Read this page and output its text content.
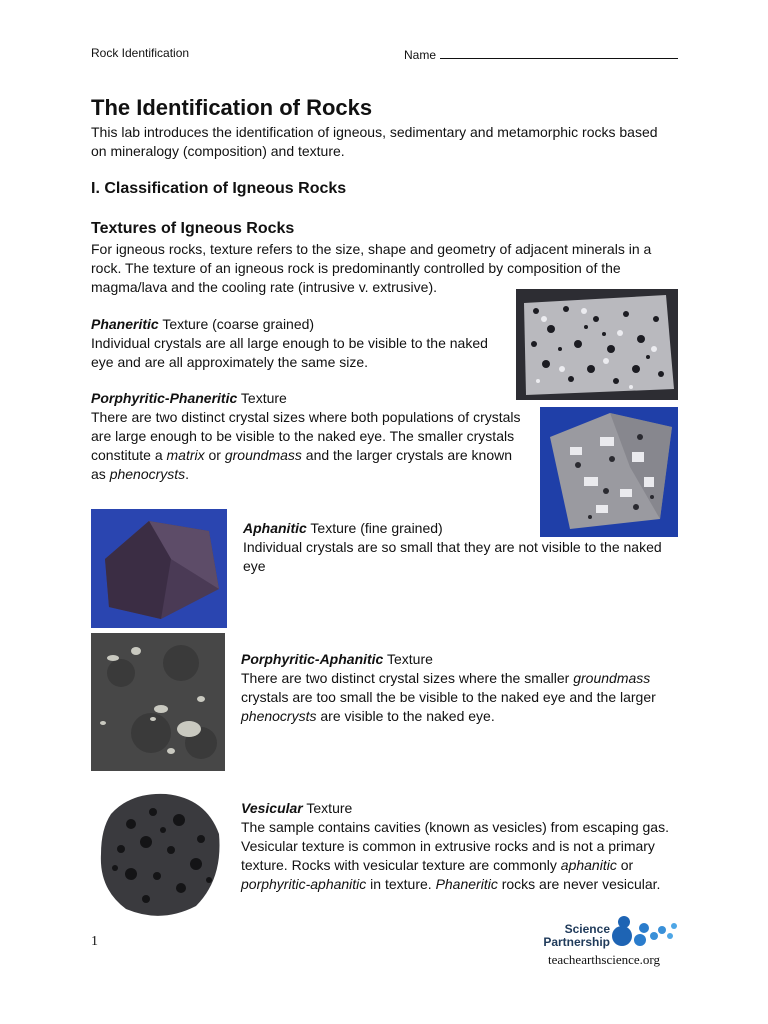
Rock Identification	Name
The Identification of Rocks

This lab introduces the identification of igneous, sedimentary and metamorphic rocks based on mineralogy (composition) and texture.

I. Classification of Igneous Rocks
Textures of Igneous Rocks

For igneous rocks, texture refers to the size, shape and geometry of adjacent minerals in a rock. The texture of an igneous rock is predominantly controlled by composition of the magma/lava and the cooling rate (intrusive v. extrusive).

Phaneritic Texture (coarse grained)

Individual crystals are all large enough to be visible to the naked eye and are all approximately the same size.

Porphyritic-Phaneritic Texture

There are two distinct crystal sizes where both populations of crystals are large enough to be visible to the naked eye. The smaller crystals constitute a matrix or groundmass and the larger crystals are known as phenocrysts.

Aphanitic Texture (fine grained)

Individual crystals are so small that they are not visible to the naked eye

Porphyritic-Aphanitic Texture

There are two distinct crystal sizes where the smaller groundmass crystals are too small the be visible to the naked eye and the larger phenocrysts are visible to the naked eye.

Vesicular Texture

The sample contains cavities (known as vesicles) from escaping gas. Vesicular texture is common in extrusive rocks and is not a primary texture. Rocks with vesicular texture are commonly aphanitic or porphyritic-aphanitic in texture. Phaneritic rocks are never vesicular.

1
Science
Partnership
teachearthscience.org
